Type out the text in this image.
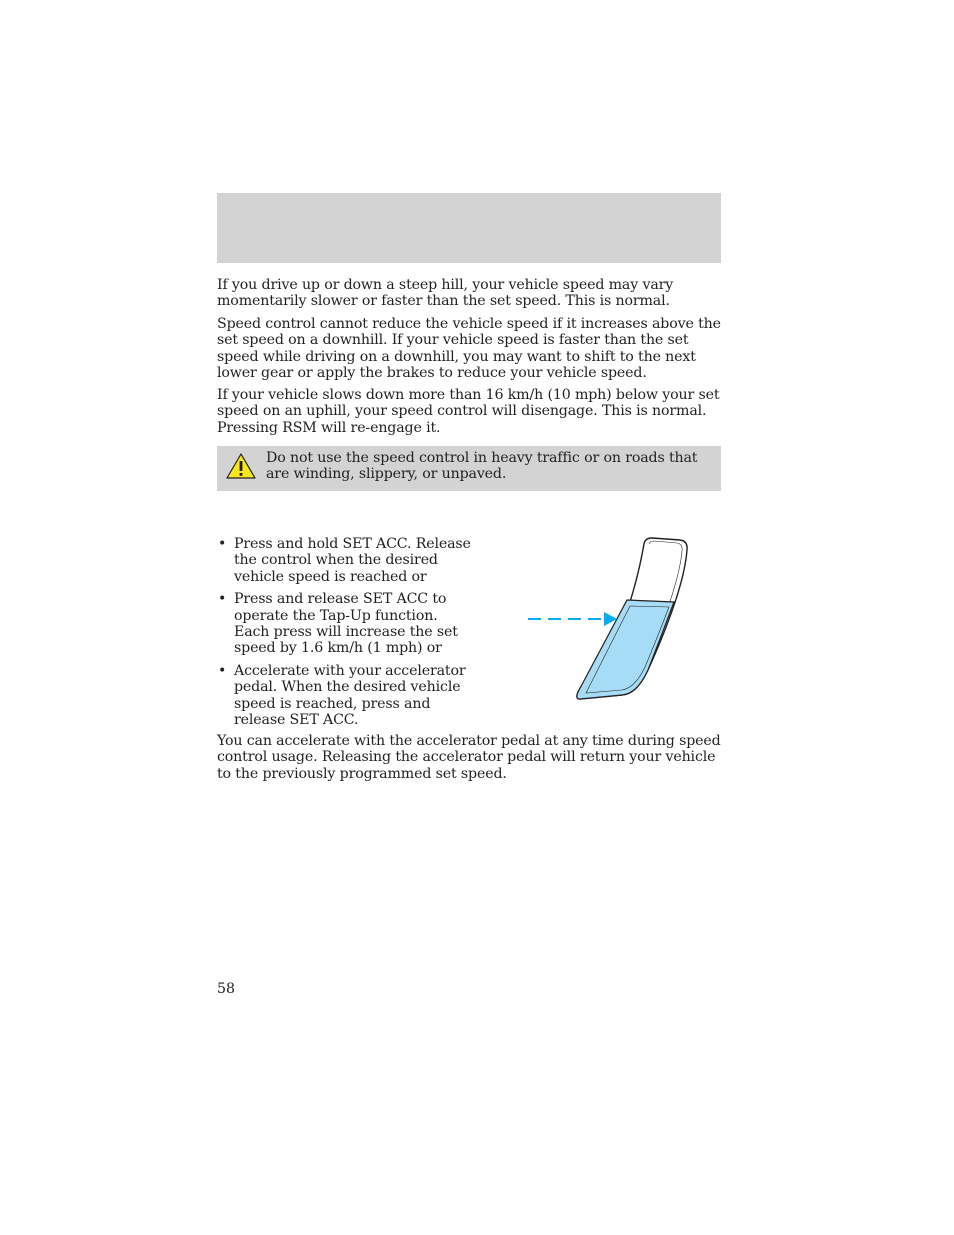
If you drive up or down a steep hill, your vehicle speed may vary momentarily slower or faster than the set speed. This is normal.

Speed control cannot reduce the vehicle speed if it increases above the set speed on a downhill. If your vehicle speed is faster than the set speed while driving on a downhill, you may want to shift to the next lower gear or apply the brakes to reduce your vehicle speed.

If your vehicle slows down more than 16 km/h (10 mph) below your set speed on an uphill, your speed control will disengage. This is normal. Pressing RSM will re-engage it.

Do not use the speed control in heavy traffic or on roads that are winding, slippery, or unpaved.

• Press and hold SET ACC. Release the control when the desired vehicle speed is reached or
• Press and release SET ACC to operate the Tap-Up function. Each press will increase the set speed by 1.6 km/h (1 mph) or
• Accelerate with your accelerator pedal. When the desired vehicle speed is reached, press and release SET ACC.

You can accelerate with the accelerator pedal at any time during speed control usage. Releasing the accelerator pedal will return your vehicle to the previously programmed set speed.

58
